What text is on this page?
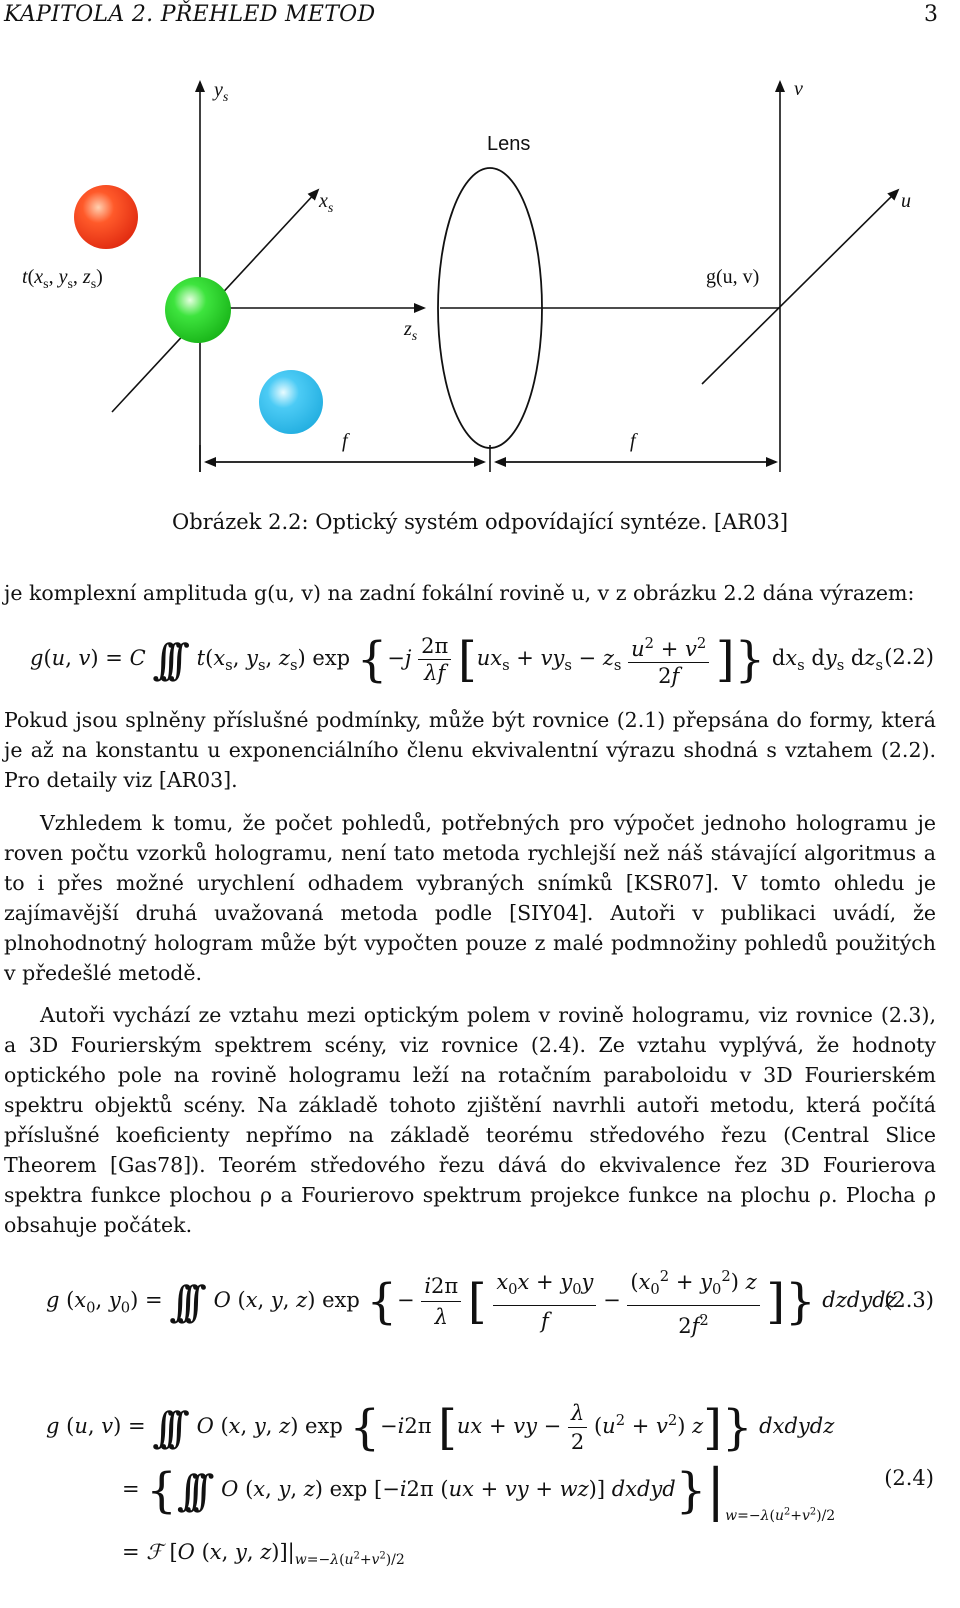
KAPITOLA 2. PŘEHLED METOD	3
$y_s$
$x_s$
$z_s$
v
u
Lens
$t(x_s$, $y_s$, $z_s$)	g(u, v)
f	f
Obrázek 2.2: Optický systém odpovídající syntéze. [AR03]

je komplexní amplituda g(u, v) na zadní fokální rovině u, v z obrázku 2.2 dána výrazem:

g(u, v) = C ∫∫∫ $t(x_s$, $y_s$, $z_s$) $\exp \{-j \frac{2\pi}{\lambda f} [ux_s + vy_s - z_s \frac{u^2 + v^2}{2f}$ ]} $dx_s$ $dy_s$ $dz_s$ (2.2)

Pokud jsou splněny příslušné podmínky, může být rovnice (2.1) přepsána do formy, která je až na konstantu u exponenciálního členu ekvivalentní výrazu shodná s vztahem (2.2). Pro detaily viz [AR03].

Vzhledem k tomu, že počet pohledů, potřebných pro výpočet jednoho hologramu je roven počtu vzorků hologramu, není tato metoda rychlejší než náš stávající algoritmus a to i přes možné urychlení odhadem vybraných snímků [KSR07]. V tomto ohledu je zajímavější druhá uvažovaná metoda podle [SIY04]. Autoři v publikaci uvádí, že plnohodnotný hologram může být vypočten pouze z malé podmnožiny pohledů použitých v předešlé metodě.

Autoři vychází ze vztahu mezi optickým polem v rovině hologramu, viz rovnice (2.3), a 3D Fourierským spektrem scény, viz rovnice (2.4). Ze vztahu vyplývá, že hodnoty optického pole na rovině hologramu leží na rotačním paraboloidu v 3D Fourierském spektru objektů scény. Na základě tohoto zjištění navrhli autoři metodu, která počítá příslušné koeficienty nepřímo na základě teorému středového řezu (Central Slice Theorem [Gas78]). Teorém středového řezu dává do ekvivalence řez 3D Fourierova spektra funkce plochou ρ a Fourierovo spektrum projekce funkce na plochu ρ. Plocha ρ obsahuje počátek.

g ($x_0$, $y_0$) = ∫∫∫ O (x, y, z) exp {− $\frac{i2\pi}{\lambda}$ [ $\frac{x_0x + y_0y}{f} - \frac{(x_0^2 + y_0^2) z}{2f^2}$ ]} dzdydz
(2.3)
g (u, v) = ∫∫∫ O (x, y, z) exp {−i2π [ux + vy − $\frac{\lambda}{2} (u^2 + v^2)$ z]} dxdydz
= {∫∫∫ O (x, y, z) exp [−i2π (ux + vy + wz)] $dxdyd\}|_{w=-\lambda(u^2+v^2)/2}$
(2.4)
= ℱ [O (x, y, $z)]|_{w=-\lambda(u^2+v^2)/2}$
